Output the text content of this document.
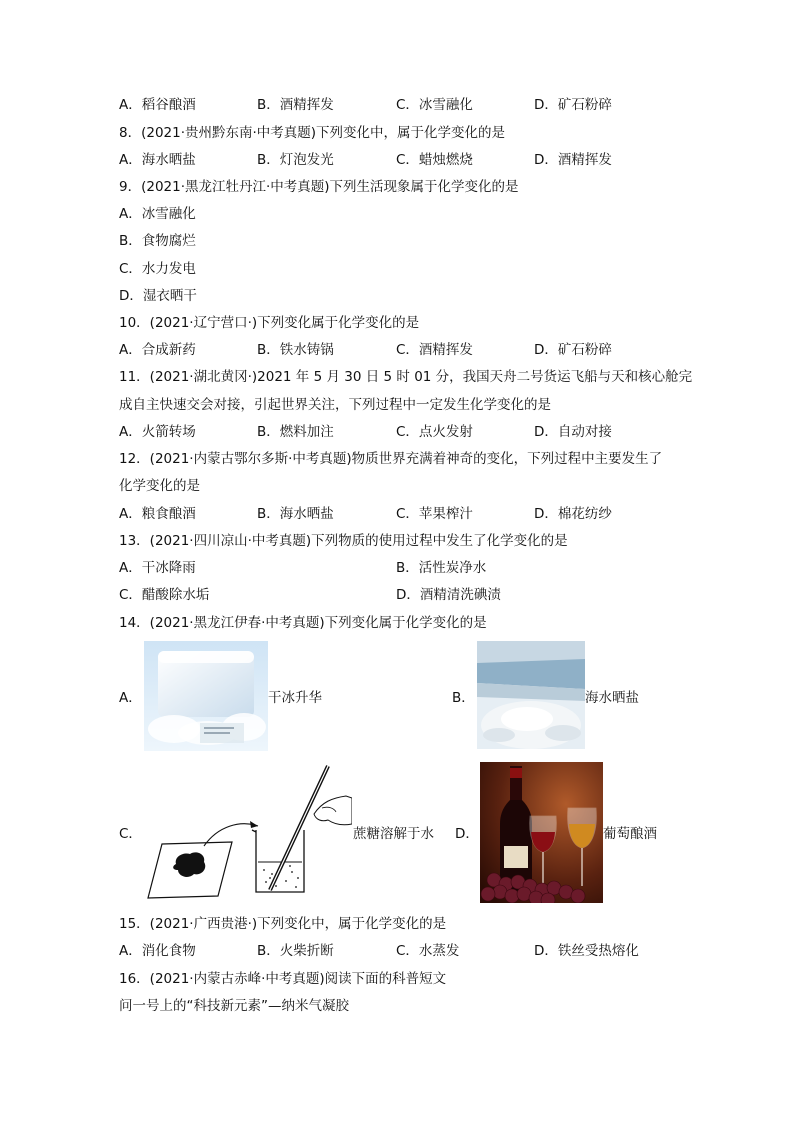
A．稻谷酿酒	B．酒精挥发	C．冰雪融化	D．矿石粉碎
8．(2021·贵州黔东南·中考真题)下列变化中，属于化学变化的是
A．海水晒盐	B．灯泡发光	C．蜡烛燃烧	D．酒精挥发
9．(2021·黑龙江牡丹江·中考真题)下列生活现象属于化学变化的是
A．冰雪融化
B．食物腐烂
C．水力发电
D．湿衣晒干
10．(2021·辽宁营口·)下列变化属于化学变化的是
A．合成新药	B．铁水铸锅	C．酒精挥发	D．矿石粉碎
11．(2021·湖北黄冈·)2021 年 5 月 30 日 5 时 01 分，我国天舟二号货运飞船与天和核心舱完
成自主快速交会对接，引起世界关注，下列过程中一定发生化学变化的是
A．火箭转场	B．燃料加注	C．点火发射	D．自动对接
12．(2021·内蒙古鄂尔多斯·中考真题)物质世界充满着神奇的变化，下列过程中主要发生了
化学变化的是
A．粮食酿酒	B．海水晒盐	C．苹果榨汁	D．棉花纺纱
13．(2021·四川凉山·中考真题)下列物质的使用过程中发生了化学变化的是
A．干冰降雨	B．活性炭净水
C．醋酸除水垢	D．酒精清洗碘渍
14．(2021·黑龙江伊春·中考真题)下列变化属于化学变化的是
A．	干冰升华	B．	海水晒盐
C．	蔗糖溶解于水 D．	葡萄酿酒
15．(2021·广西贵港·)下列变化中，属于化学变化的是
A．消化食物	B．火柴折断	C．水蒸发	D．铁丝受热熔化
16．(2021·内蒙古赤峰·中考真题)阅读下面的科普短文
问一号上的“科技新元素”—纳米气凝胶
